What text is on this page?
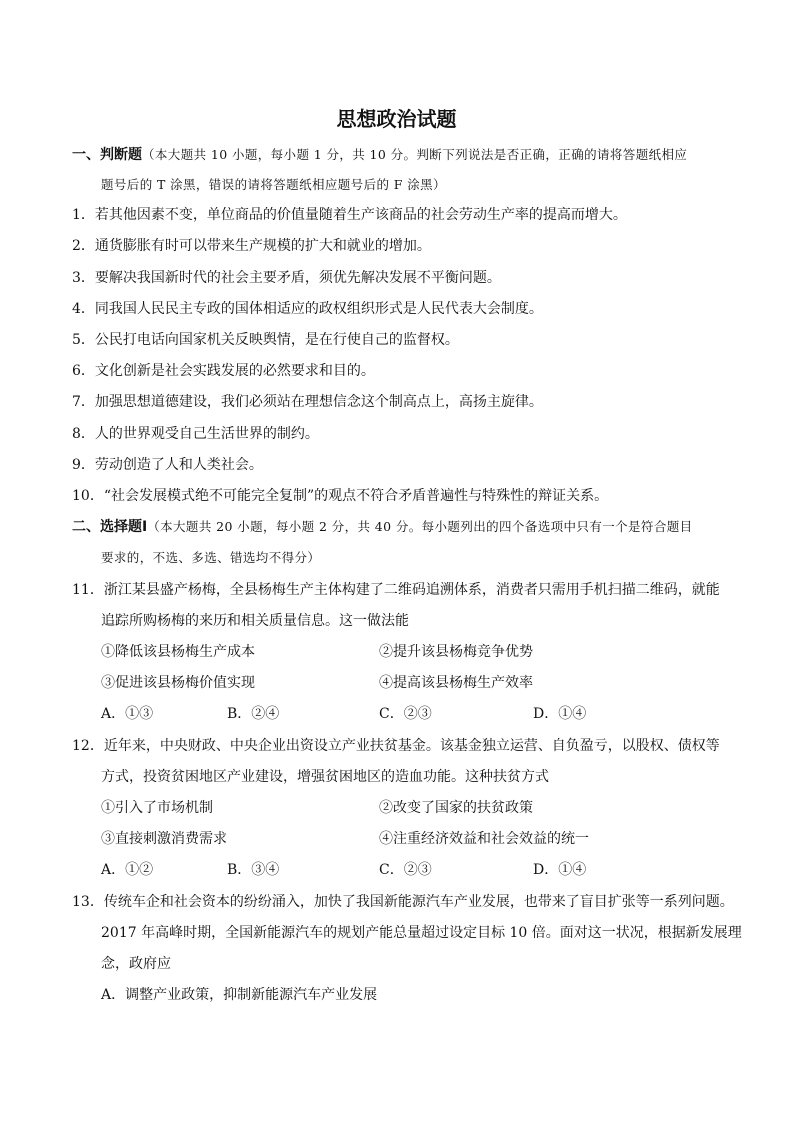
思想政治试题
一、判断题（本大题共 10 小题，每小题 1 分，共 10 分。判断下列说法是否正确，正确的请将答题纸相应
题号后的 T 涂黑，错误的请将答题纸相应题号后的 F 涂黑）
1．若其他因素不变，单位商品的价值量随着生产该商品的社会劳动生产率的提高而增大。
2．通货膨胀有时可以带来生产规模的扩大和就业的增加。
3．要解决我国新时代的社会主要矛盾，须优先解决发展不平衡问题。
4．同我国人民民主专政的国体相适应的政权组织形式是人民代表大会制度。
5．公民打电话向国家机关反映舆情，是在行使自己的监督权。
6．文化创新是社会实践发展的必然要求和目的。
7．加强思想道德建设，我们必须站在理想信念这个制高点上，高扬主旋律。
8．人的世界观受自己生活世界的制约。
9．劳动创造了人和人类社会。
10．“社会发展模式绝不可能完全复制”的观点不符合矛盾普遍性与特殊性的辩证关系。
二、选择题Ⅰ（本大题共 20 小题，每小题 2 分，共 40 分。每小题列出的四个备选项中只有一个是符合题目
要求的，不选、多选、错选均不得分）
11．浙江某县盛产杨梅，全县杨梅生产主体构建了二维码追溯体系，消费者只需用手机扫描二维码，就能
追踪所购杨梅的来历和相关质量信息。这一做法能
①降低该县杨梅生产成本	②提升该县杨梅竞争优势
③促进该县杨梅价值实现	④提高该县杨梅生产效率
A．①③	B．②④	C．②③	D．①④
12．近年来，中央财政、中央企业出资设立产业扶贫基金。该基金独立运营、自负盈亏，以股权、债权等
方式，投资贫困地区产业建设，增强贫困地区的造血功能。这种扶贫方式
①引入了市场机制	②改变了国家的扶贫政策
③直接刺激消费需求	④注重经济效益和社会效益的统一
A．①②	B．③④	C．②③	D．①④
13．传统车企和社会资本的纷纷涌入，加快了我国新能源汽车产业发展，也带来了盲目扩张等一系列问题。
2017 年高峰时期，全国新能源汽车的规划产能总量超过设定目标 10 倍。面对这一状况，根据新发展理
念，政府应
A．调整产业政策，抑制新能源汽车产业发展
